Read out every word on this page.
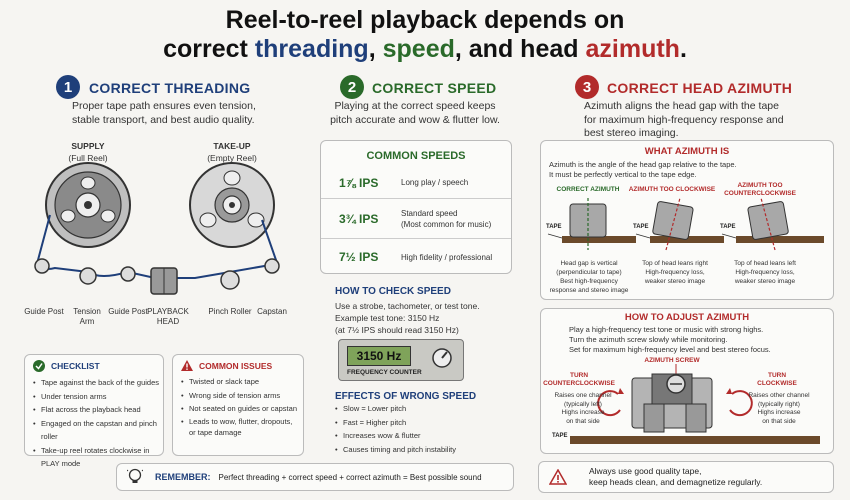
Reel-to-reel playback depends on
correct threading, speed, and head azimuth.
1	CORRECT THREADING
Proper tape path ensures even tension, stable transport, and best audio quality.
2	CORRECT SPEED
Playing at the correct speed keeps pitch accurate and wow & flutter low.
3	CORRECT HEAD AZIMUTH
Azimuth aligns the head gap with the tape for maximum high-frequency response and best stereo imaging.
SUPPLY
(Full Reel)
TAKE-UP
(Empty Reel)
Guide Post	Tension Arm
Guide Post PLAYBACK HEAD
Pinch Roller Capstan
CHECKLIST
• Tape against the back of the guides
• Under tension arms
• Flat across the playback head
• Engaged on the capstan and pinch roller
• Take-up reel rotates clockwise in PLAY mode
COMMON ISSUES
• Twisted or slack tape
• Wrong side of tension arms
• Not seated on guides or capstan
• Leads to wow, flutter, dropouts, or tape damage
COMMON SPEEDS
1⅞ IPS	Long play / speech
3¾ IPS	Standard speed
(Most common for music)
7½ IPS	High fidelity / professional
HOW TO CHECK SPEED
Use a strobe, tachometer, or test tone.
Example test tone: 3150 Hz
(at 7½ IPS should read 3150 Hz)
3150 Hz
FREQUENCY COUNTER
EFFECTS OF WRONG SPEED
• Slow = Lower pitch
• Fast = Higher pitch
• Increases wow & flutter
• Causes timing and pitch instability
WHAT AZIMUTH IS
Azimuth is the angle of the head gap relative to the tape.
It must be perfectly vertical to the tape edge.
CORRECT AZIMUTH	AZIMUTH TOO CLOCKWISE
AZIMUTH TOO
COUNTERCLOCKWISE
TAPE	TAPE	TAPE
Head gap is vertical
(perpendicular to tape)
Best high-frequency
response and stereo image
Top of head leans right
High-frequency loss,
weaker stereo image
Top of head leans left
High-frequency loss,
weaker stereo image
HOW TO ADJUST AZIMUTH
Play a high-frequency test tone or music with strong highs.
Turn the azimuth screw slowly while monitoring.
Set for maximum high-frequency level and best stereo focus.
AZIMUTH SCREW
TURN
COUNTERCLOCKWISE
Raises one channel
(typically left)
Highs increase
on that side
TURN
CLOCKWISE
Raises other channel
(typically right)
Highs increase
on that side
TAPE
REMEMBER: Perfect threading + correct speed + correct azimuth = Best possible sound
Always use good quality tape,
keep heads clean, and demagnetize regularly.
